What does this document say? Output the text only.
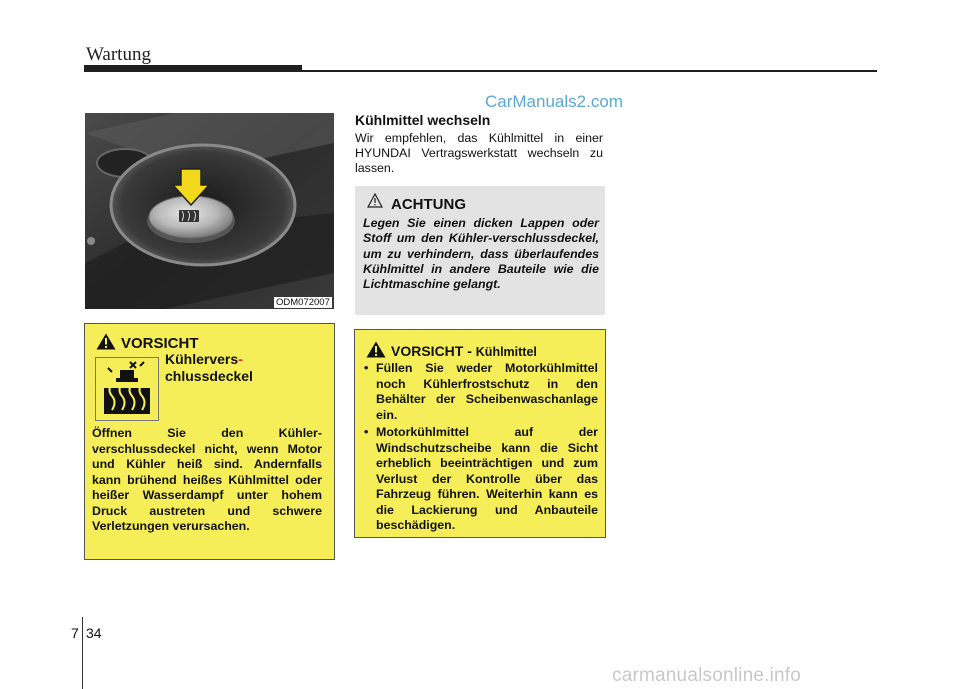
Wartung
CarManuals2.com
ODM072007
Kühlmittel wechseln
Wir empfehlen, das Kühlmittel in einer HYUNDAI Vertragswerkstatt wechseln zu lassen.
ACHTUNG
Legen Sie einen dicken Lappen oder Stoff um den Kühler-verschlussdeckel, um zu verhindern, dass überlaufendes Kühlmittel in andere Bauteile wie die Lichtmaschine gelangt.
VORSICHT
Kühlervers-
chlussdeckel
Öffnen Sie den Kühler-verschlussdeckel nicht, wenn Motor und Kühler heiß sind. Andernfalls kann brühend heißes Kühlmittel oder heißer Wasserdampf unter hohem Druck austreten und schwere Verletzungen verursachen.
VORSICHT - Kühlmittel
• Füllen Sie weder Motorkühlmittel noch Kühlerfrostschutz in den Behälter der Scheibenwaschanlage ein.
• Motorkühlmittel auf der Windschutzscheibe kann die Sicht erheblich beeinträchtigen und zum Verlust der Kontrolle über das Fahrzeug führen. Weiterhin kann es die Lackierung und Anbauteile beschädigen.
7 34
carmanualsonline.info
